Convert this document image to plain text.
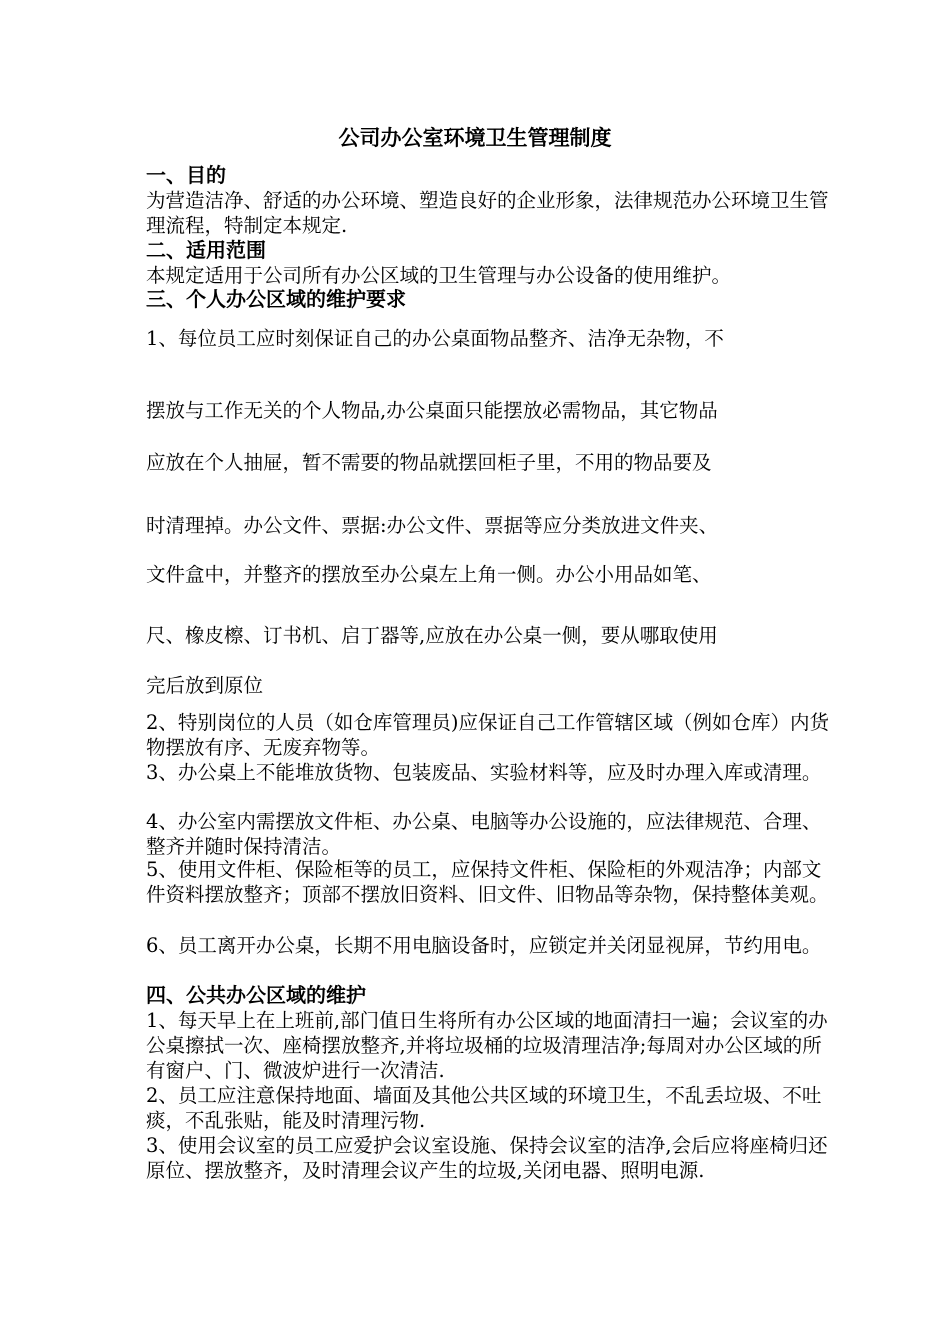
公司办公室环境卫生管理制度
一、目的
为营造洁净、舒适的办公环境、塑造良好的企业形象，法律规范办公环境卫生管理流程，特制定本规定.
二、适用范围
本规定适用于公司所有办公区域的卫生管理与办公设备的使用维护。
三、个人办公区域的维护要求

1、每位员工应时刻保证自己的办公桌面物品整齐、洁净无杂物，不

摆放与工作无关的个人物品,办公桌面只能摆放必需物品，其它物品

应放在个人抽屉，暂不需要的物品就摆回柜子里，不用的物品要及

时清理掉。办公文件、票据:办公文件、票据等应分类放进文件夹、

文件盒中，并整齐的摆放至办公桌左上角一侧。办公小用品如笔、

尺、橡皮檫、订书机、启丁器等,应放在办公桌一侧，要从哪取使用

完后放到原位

2、特别岗位的人员（如仓库管理员)应保证自己工作管辖区域（例如仓库）内货物摆放有序、无废弃物等。
3、办公桌上不能堆放货物、包装废品、实验材料等，应及时办理入库或清理。
4、办公室内需摆放文件柜、办公桌、电脑等办公设施的，应法律规范、合理、整齐并随时保持清洁。
5、使用文件柜、保险柜等的员工，应保持文件柜、保险柜的外观洁净；内部文件资料摆放整齐；顶部不摆放旧资料、旧文件、旧物品等杂物，保持整体美观。
6、员工离开办公桌，长期不用电脑设备时，应锁定并关闭显视屏，节约用电。
四、公共办公区域的维护
1、每天早上在上班前,部门值日生将所有办公区域的地面清扫一遍；会议室的办公桌擦拭一次、座椅摆放整齐,并将垃圾桶的垃圾清理洁净;每周对办公区域的所有窗户、门、微波炉进行一次清洁.
2、员工应注意保持地面、墙面及其他公共区域的环境卫生，不乱丢垃圾、不吐痰，不乱张贴，能及时清理污物.
3、使用会议室的员工应爱护会议室设施、保持会议室的洁净,会后应将座椅归还原位、摆放整齐，及时清理会议产生的垃圾,关闭电器、照明电源.
